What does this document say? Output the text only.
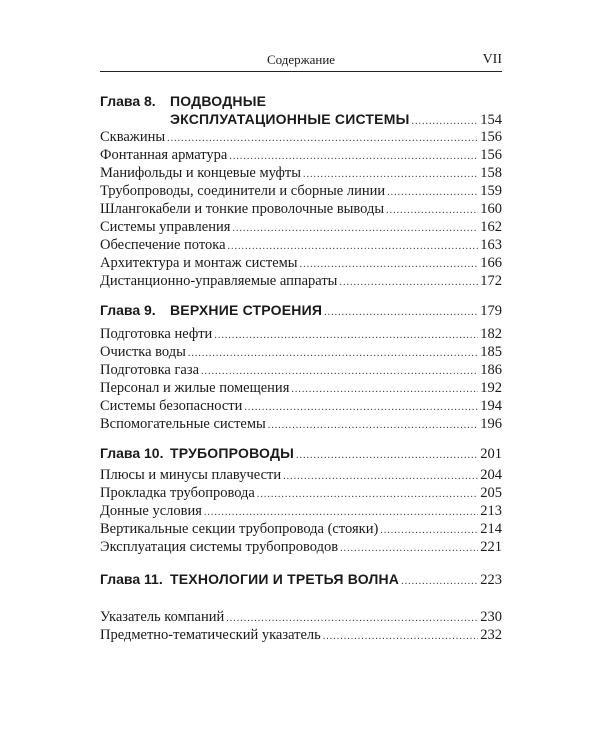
Содержание	VII
Глава 8. ПОДВОДНЫЕ
ЭКСПЛУАТАЦИОННЫЕ СИСТЕМЫ .....	154
Скважины .....	156
Фонтанная арматура .....	156
Манифольды и концевые муфты .....	158
Трубопроводы, соединители и сборные линии .....	159
Шлангокабели и тонкие проволочные выводы .....	160
Системы управления .....	162
Обеспечение потока .....	163
Архитектура и монтаж системы .....	166
Дистанционно-управляемые аппараты .....	172
Глава 9. ВЕРХНИЕ СТРОЕНИЯ .....	179
Подготовка нефти .....	182
Очистка воды .....	185
Подготовка газа .....	186
Персонал и жилые помещения .....	192
Системы безопасности .....	194
Вспомогательные системы .....	196
Глава 10. ТРУБОПРОВОДЫ .....	201
Плюсы и минусы плавучести .....	204
Прокладка трубопровода .....	205
Донные условия .....	213
Вертикальные секции трубопровода (стояки) .....	214
Эксплуатация системы трубопроводов .....	221
Глава 11. ТЕХНОЛОГИИ И ТРЕТЬЯ ВОЛНА .....	223
Указатель компаний .....	230
Предметно-тематический указатель .....	232
